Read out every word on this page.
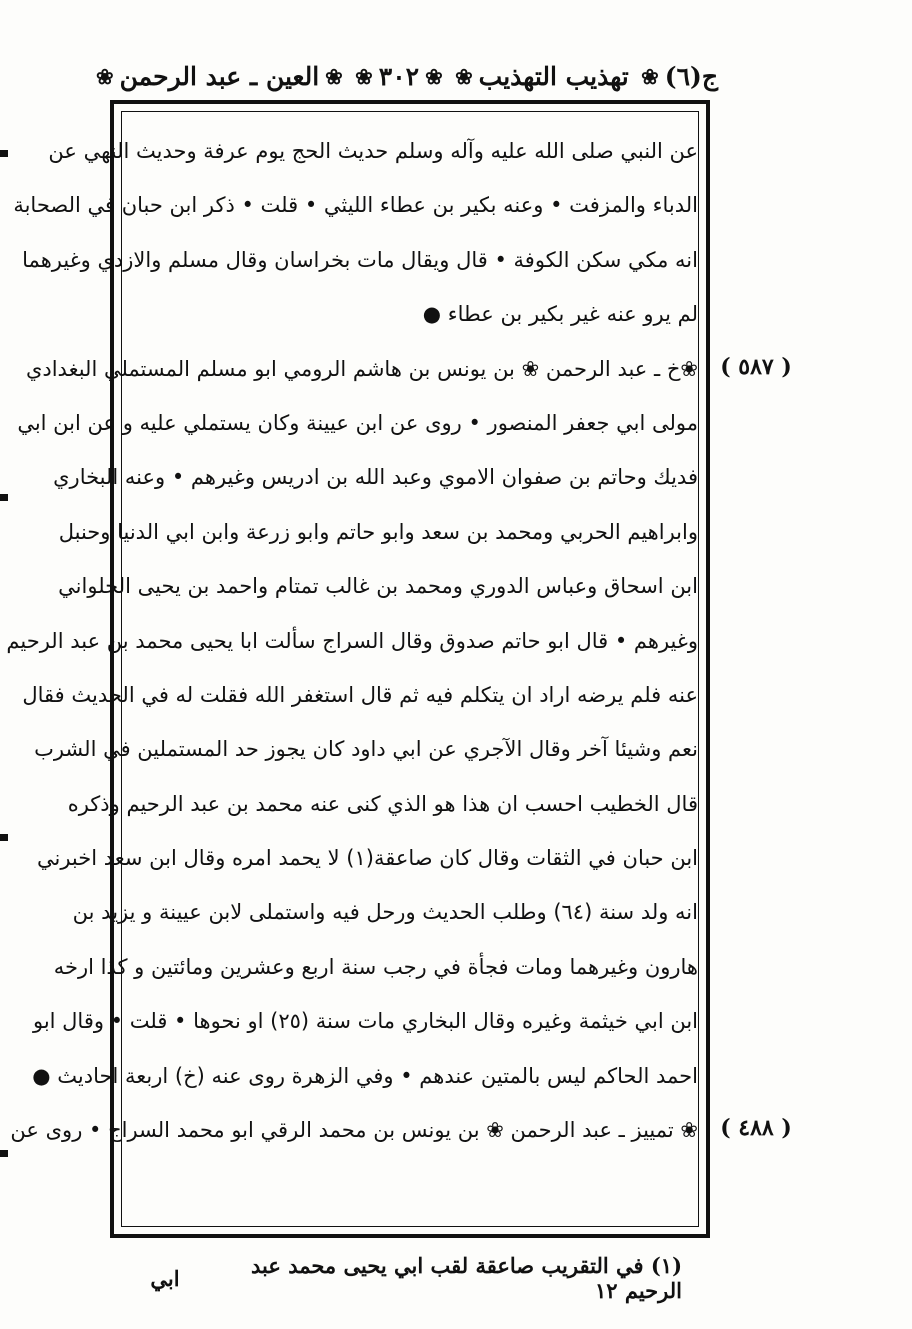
ج(٦)
❀
تهذيب التهذيب
❀
❀
٣٠٢
❀
❀
العين ـ عبد الرحمن
❀
عن النبي صلى الله عليه وآله وسلم حديث الحج يوم عرفة وحديث النهي عن
الدباء والمزفت • وعنه بكير بن عطاء الليثي • قلت • ذكر ابن حبان في الصحابة
انه مكي سكن الكوفة • قال ويقال مات بخراسان وقال مسلم والازدي وغيرهما
لم يرو عنه غير بكير بن عطاء ●
❀خ ـ عبد الرحمن ❀ بن يونس بن هاشم الرومي ابو مسلم المستملي البغدادي
مولى ابي جعفر المنصور • روى عن ابن عيينة وكان يستملي عليه و عن ابن ابي
فديك وحاتم بن صفوان الاموي وعبد الله بن ادريس وغيرهم • وعنه البخاري
وابراهيم الحربي ومحمد بن سعد وابو حاتم وابو زرعة وابن ابي الدنيا وحنبل
ابن اسحاق وعباس الدوري ومحمد بن غالب تمتام واحمد بن يحيى الحلواني
وغيرهم • قال ابو حاتم صدوق وقال السراج سألت ابا يحيى محمد بن عبد الرحيم
عنه فلم يرضه اراد ان يتكلم فيه ثم قال استغفر الله فقلت له في الحديث فقال
نعم وشيئا آخر وقال الآجري عن ابي داود كان يجوز حد المستملين في الشرب
قال الخطيب احسب ان هذا هو الذي كنى عنه محمد بن عبد الرحيم وذكره
ابن حبان في الثقات وقال كان صاعقة(١) لا يحمد امره وقال ابن سعد اخبرني
انه ولد سنة (٦٤) وطلب الحديث ورحل فيه واستملى لابن عيينة و يزيد بن
هارون وغيرهما ومات فجأة في رجب سنة اربع وعشرين ومائتين و كذا ارخه
ابن ابي خيثمة وغيره وقال البخاري مات سنة (٢٥) او نحوها • قلت • وقال ابو
احمد الحاكم ليس بالمتين عندهم • وفي الزهرة روى عنه (خ) اربعة احاديث ●
❀ تمييز ـ عبد الرحمن ❀ بن يونس بن محمد الرقي ابو محمد السراج • روى عن
( ٥٨٧ )
( ٤٨٨ )
(١) في التقريب صاعقة لقب ابي يحيى محمد عبد الرحيم ١٢
ابي
